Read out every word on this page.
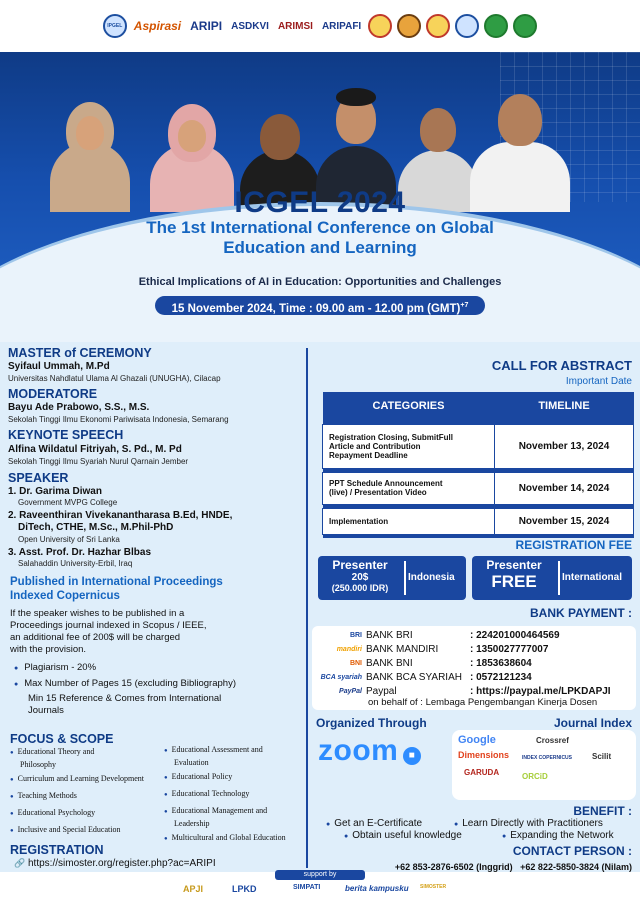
IPGEL Aspirasi ARIPI ASDKVI ARIMSI ARIPAFI
ICGEL 2024
The 1st International Conference on Global
Education and Learning
Ethical Implications of AI in Education: Opportunities and Challenges
15 November 2024, Time : 09.00 am - 12.00 pm (GMT)$^{+7}$
MASTER of CEREMONY
Syifaul Ummah, M.Pd
Universitas Nahdlatul Ulama Al Ghazali (UNUGHA), Cilacap
MODERATORE
Bayu Ade Prabowo, S.S., M.S.
Sekolah Tinggi Ilmu Ekonomi Pariwisata Indonesia, Semarang
KEYNOTE SPEECH
Alfina Wildatul Fitriyah, S. Pd., M. Pd
Sekolah Tinggi Ilmu Syariah Nurul Qarnain Jember
SPEAKER
1. Dr. Garima Diwan
Government MVPG College
2. Raveenthiran Vivekanantharasa B.Ed, HNDE,
DiTech, CTHE, M.Sc., M.Phil-PhD
Open University of Sri Lanka
3. Asst. Prof. Dr. Hazhar Blbas
Salahaddin University-Erbil, Iraq
Published in International Proceedings
Indexed Copernicus
If the speaker wishes to be published in a
Proceedings journal indexed in Scopus / IEEE,
an additional fee of 200$ will be charged
with the provision.
● Plagiarism - 20%
● Max Number of Pages 15 (excluding Bibliography)
Min 15 Reference & Comes from International
Journals
FOCUS & SCOPE
● Educational Theory and
Philosophy
● Curriculum and Learning Development
● Teaching Methods
● Educational Psychology
● Inclusive and Special Education
● Educational Assessment and
Evaluation
● Educational Policy
● Educational Technology
● Educational Management and
Leadership
● Multicultural and Global Education
REGISTRATION
🔗 https://simoster.org/register.php?ac=ARIPI
CALL FOR ABSTRACT
Important Date
CATEGORIES	TIMELINE

Registration Closing, SubmitFull
Article and Contribution
Repayment Deadline	November 13, 2024

PPT Schedule Announcement
(live) / Presentation Video	November 14, 2024

Implementation	November 15, 2024

REGISTRATION FEE
Presenter
20$
(250.000 IDR)
Indonesia
Presenter
FREE	International
BANK PAYMENT :
BRI BANK BRI	: 224201000464569
mandiri BANK MANDIRI	: 1350027777007
BNI BANK BNI	: 1853638604
BCA syariah BANK BCA SYARIAH : 0572121234
PayPal Paypal	: https://paypal.me/LPKDAPJI
on behalf of : Lembaga Pengembangan Kinerja Dosen
Organized Through
zoom ■
Journal Index
Google	Crossref
Dimensions	INDEX COPERNICUS Scilit
GARUDA	ORCiD
BENEFIT :
● Get an E-Certificate	● Learn Directly with Practitioners
● Obtain useful knowledge	● Expanding the Network
CONTACT PERSON :
+62 853-2876-6502 (Inggrid)   +62 822-5850-3824 (Nilam)
support by
APJI	LPKD	SIMPATI	berita kampusku SIMOSTER
